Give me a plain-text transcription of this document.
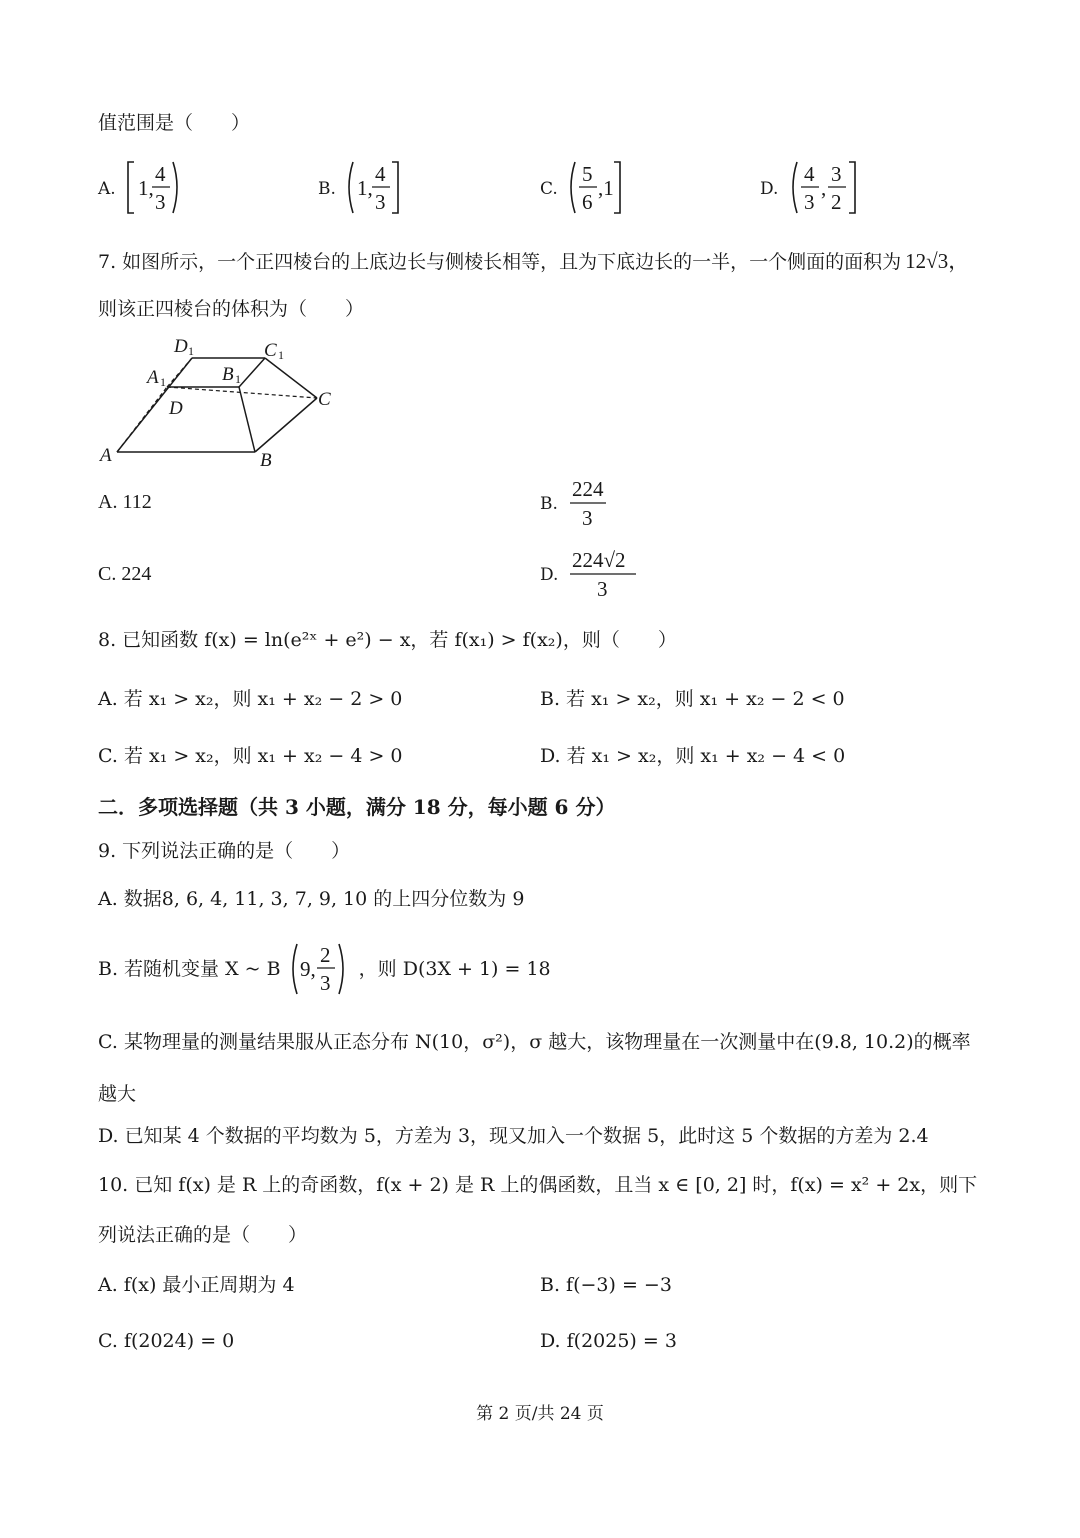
值范围是（　　）
A. 1,
4
3
B. 1,
4
3
C.
5
6
,1	D.
4
3
,
3
2
7. 如图所示，一个正四棱台的上底边长与侧棱长相等，且为下底边长的一半，一个侧面的面积为 12√3，
则该正四棱台的体积为（　　）
A	B
C
D
A 1	B 1
D 1	C 1
A. 112	B.
224
3
C. 224	D.
224√2
3
8. 已知函数 f(x) = ln(e²ˣ + e²) − x，若 f(x₁) > f(x₂)，则（　　）
A. 若 x₁ > x₂，则 x₁ + x₂ − 2 > 0	B. 若 x₁ > x₂，则 x₁ + x₂ − 2 < 0
C. 若 x₁ > x₂，则 x₁ + x₂ − 4 > 0	D. 若 x₁ > x₂，则 x₁ + x₂ − 4 < 0
二．多项选择题（共 3 小题，满分 18 分，每小题 6 分）
9. 下列说法正确的是（　　）
A. 数据8, 6, 4, 11, 3, 7, 9, 10 的上四分位数为 9
B. 若随机变量 X ~ B 9,
2
3
，则 D(3X + 1) = 18
C. 某物理量的测量结果服从正态分布 N(10，σ²)，σ 越大，该物理量在一次测量中在(9.8, 10.2)的概率
越大
D. 已知某 4 个数据的平均数为 5，方差为 3，现又加入一个数据 5，此时这 5 个数据的方差为 2.4
10. 已知 f(x) 是 R 上的奇函数，f(x + 2) 是 R 上的偶函数，且当 x ∈ [0, 2] 时，f(x) = x² + 2x，则下
列说法正确的是（　　）
A. f(x) 最小正周期为 4	B. f(−3) = −3
C. f(2024) = 0	D. f(2025) = 3
第 2 页/共 24 页
